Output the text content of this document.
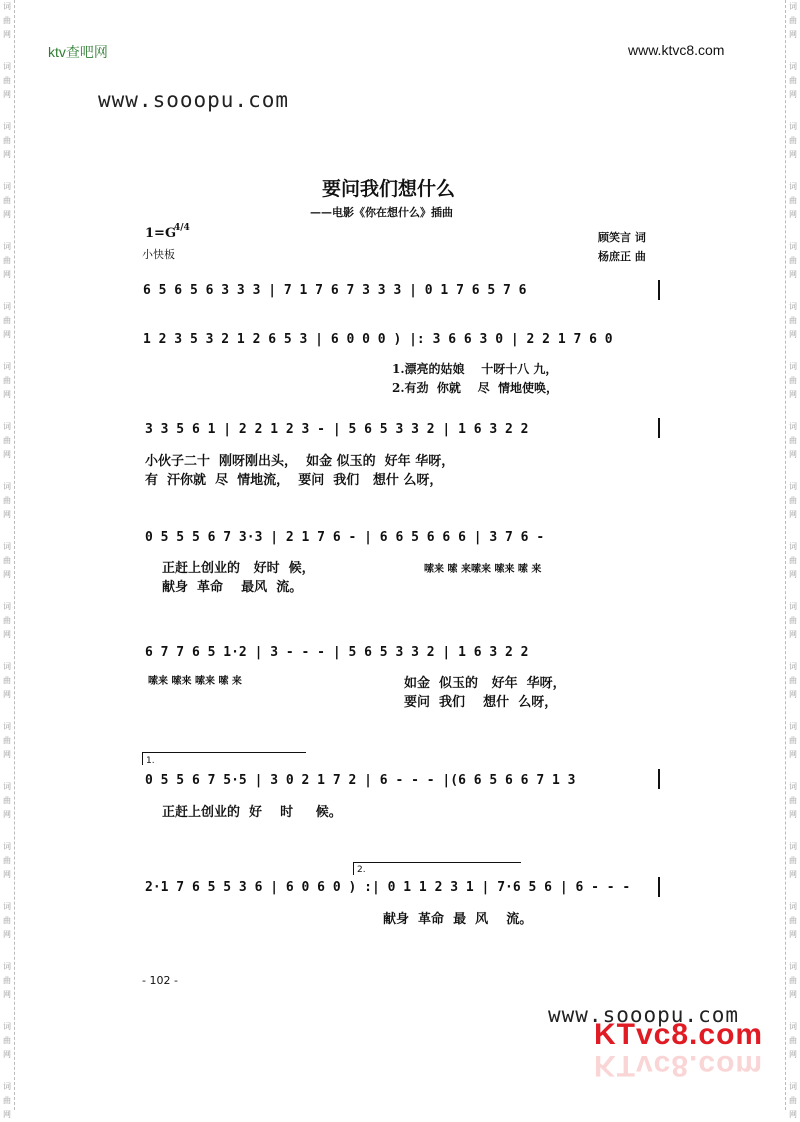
词
曲
网
词
曲
网
词
曲
网
词
曲
网
词
曲
网
词
曲
网
词
曲
网
词
曲
网
词
曲
网
词
曲
网
词
曲
网
词
曲
网
词
曲
网
词
曲
网
词
曲
网
词
曲
网
词
曲
网
词
曲
网
词
曲
网
词
曲
网
词
曲
网
词
曲
网
词
曲
网
词
曲
网
词
曲
网
词
曲
网
词
曲
网
词
曲
网
词
曲
网
词
曲
网
词
曲
网
词
曲
网
词
曲
网
词
曲
网
词
曲
网
词
曲
网
词
曲
网
词
曲
网
ktv查吧网	www.ktvc8.com
www.sooopu.com
要问我们想什么
——电影《你在想什么》插曲
1=G
4/4
小快板
顾笑言 词
杨庶正 曲
6 5 6 5 6 3 3 3 | 7 1 7 6 7 3 3 3 | 0 1 7 6 5 7 6
1 2 3 5 3 2 1 2 6 5 3 | 6 0 0 0 ) |: 3 6 6 3 0 | 2 2 1 7 6 0
1.漂亮的姑娘    十呀十八 九，
2.有劲  你就    尽  情地使唤，
3 3 5 6 1 | 2 2 1 2 3 - | 5 6 5 3 3 2 | 1 6 3 2 2
小伙子二十  刚呀刚出头，  如金 似玉的  好年 华呀，
有  汗你就  尽  情地流，  要问  我们   想什 么呀，
0 5 5 5 6 7 3·3 | 2 1 7 6 - | 6 6 5 6 6 6 | 3 7 6 -
正赶上创业的   好时  候，
献身  革命    最风  流。
嗦来 嗦 来嗦来 嗦来 嗦 来
6 7 7 6 5 1·2 | 3 - - - | 5 6 5 3 3 2 | 1 6 3 2 2
嗦来 嗦来 嗦来 嗦 来	如金  似玉的   好年  华呀，
要问  我们    想什  么呀，
1.
0 5 5 6 7 5·5 | 3 0 2 1 7 2 | 6 - - - |(6 6 5 6 6 7 1 3
正赶上创业的  好    时     候。
2.
2·1 7 6 5 5 3 6 | 6 0 6 0 ) :| 0 1 1 2 3 1 | 7·6 5 6 | 6 - - -
献身  革命  最  风    流。
- 102 -
www.sooopu.com
KTvc8.com
KTvc8.com
